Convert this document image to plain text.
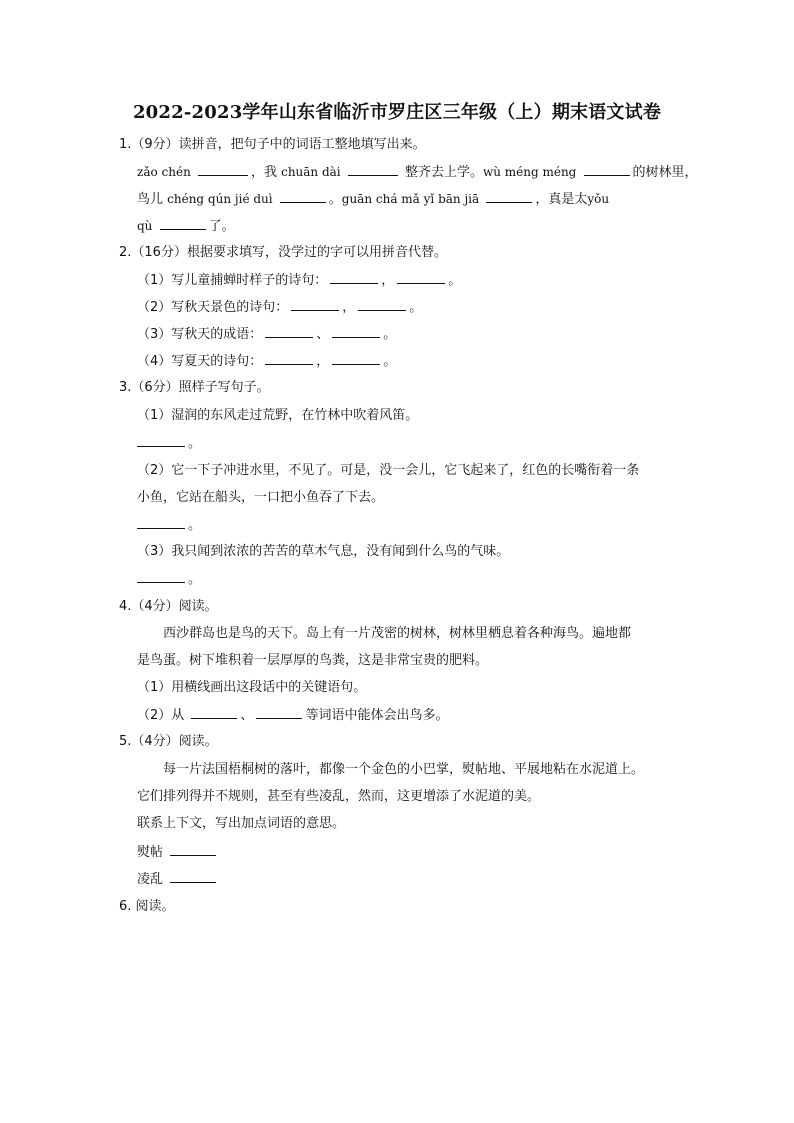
2022-2023学年山东省临沂市罗庄区三年级（上）期末语文试卷
1.（9分）读拼音，把句子中的词语工整地填写出来。
zǎo chén	，我 chuān dài	整齐去上学。wù méng méng	的树林里，
鸟儿 chéng qún jié duì	。guān chá mǎ yǐ bān jiā	，真是太yǒu
qù	了。
2.（16分）根据要求填写，没学过的字可以用拼音代替。
（1）写儿童捕蝉时样子的诗句：	，	。
（2）写秋天景色的诗句：	，	。
（3）写秋天的成语：	、	。
（4）写夏天的诗句：	，	。
3.（6分）照样子写句子。
（1）湿润的东风走过荒野，在竹林中吹着风笛。
。
（2）它一下子冲进水里，不见了。可是，没一会儿，它飞起来了，红色的长嘴衔着一条
小鱼，它站在船头，一口把小鱼吞了下去。
。
（3）我只闻到浓浓的苦苦的草木气息，没有闻到什么鸟的气味。
。
4.（4分）阅读。
西沙群岛也是鸟的天下。岛上有一片茂密的树林，树林里栖息着各种海鸟。遍地都
是鸟蛋。树下堆积着一层厚厚的鸟粪，这是非常宝贵的肥料。
（1）用横线画出这段话中的关键语句。
（2）从	、	等词语中能体会出鸟多。
5.（4分）阅读。
每一片法国梧桐树的落叶，都像一个金色的小巴掌，熨帖地、平展地粘在水泥道上。
它们排列得并不规则，甚至有些凌乱，然而，这更增添了水泥道的美。
联系上下文，写出加点词语的意思。
熨帖
凌乱
6. 阅读。
